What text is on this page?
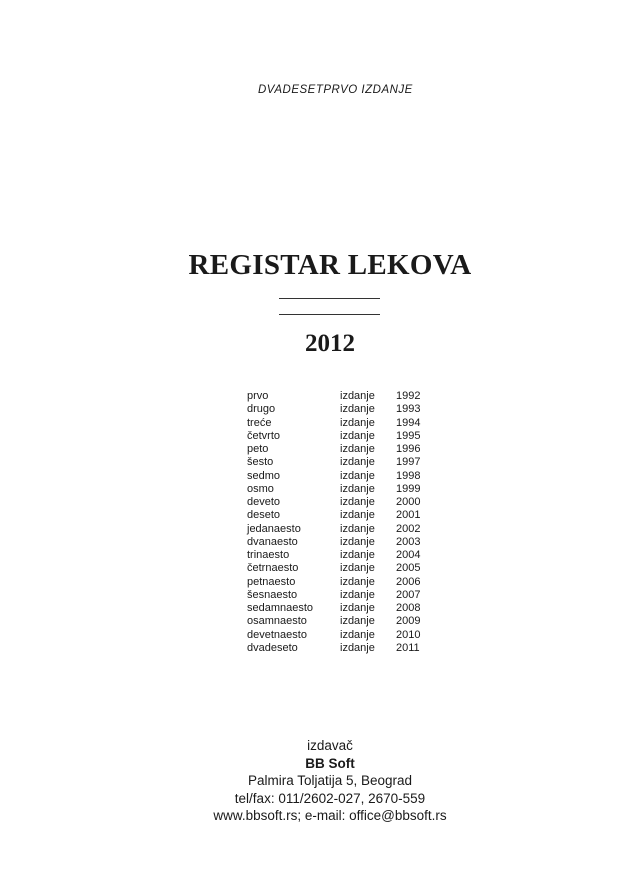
DVADESETPRVO IZDANJE
REGISTAR LEKOVA
2012
prvo	izdanje 1992
drugo	izdanje 1993
treće	izdanje 1994
četvrto	izdanje 1995
peto	izdanje 1996
šesto	izdanje 1997
sedmo	izdanje 1998
osmo	izdanje 1999
deveto	izdanje 2000
deseto	izdanje 2001
jedanaesto	izdanje 2002
dvanaesto	izdanje 2003
trinaesto	izdanje 2004
četrnaesto	izdanje 2005
petnaesto	izdanje 2006
šesnaesto	izdanje 2007
sedamnaesto izdanje 2008
osamnaesto	izdanje 2009
devetnaesto	izdanje 2010
dvadeseto	izdanje 2011
izdavač
BB Soft
Palmira Toljatija 5, Beograd
tel/fax: 011/2602-027, 2670-559
www.bbsoft.rs; e-mail: office@bbsoft.rs
